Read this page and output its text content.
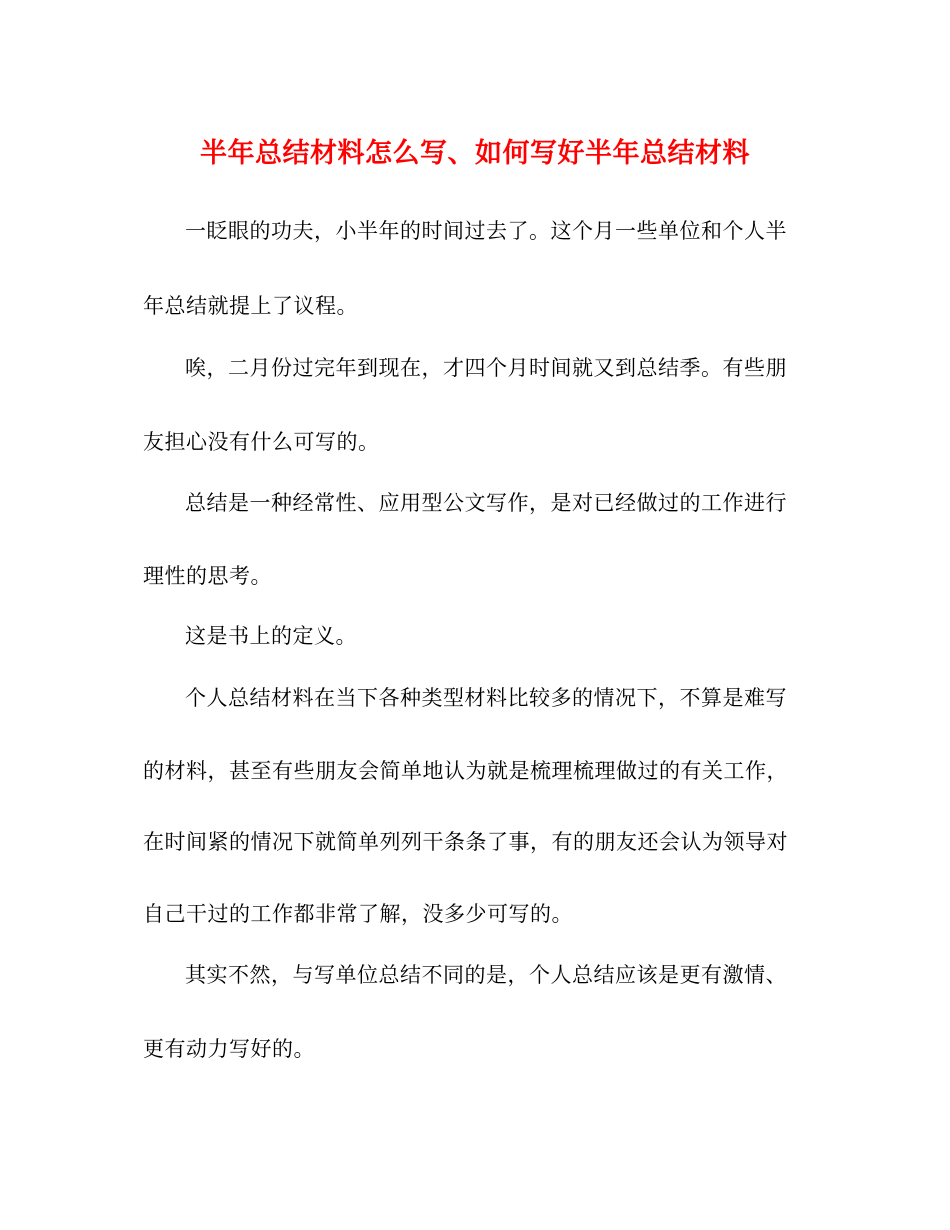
半年总结材料怎么写、如何写好半年总结材料
一眨眼的功夫，小半年的时间过去了。这个月一些单位和个人半
年总结就提上了议程。
唉，二月份过完年到现在，才四个月时间就又到总结季。有些朋
友担心没有什么可写的。
总结是一种经常性、应用型公文写作，是对已经做过的工作进行
理性的思考。
这是书上的定义。
个人总结材料在当下各种类型材料比较多的情况下，不算是难写
的材料，甚至有些朋友会简单地认为就是梳理梳理做过的有关工作，
在时间紧的情况下就简单列列干条条了事，有的朋友还会认为领导对
自己干过的工作都非常了解，没多少可写的。
其实不然，与写单位总结不同的是，个人总结应该是更有激情、
更有动力写好的。
